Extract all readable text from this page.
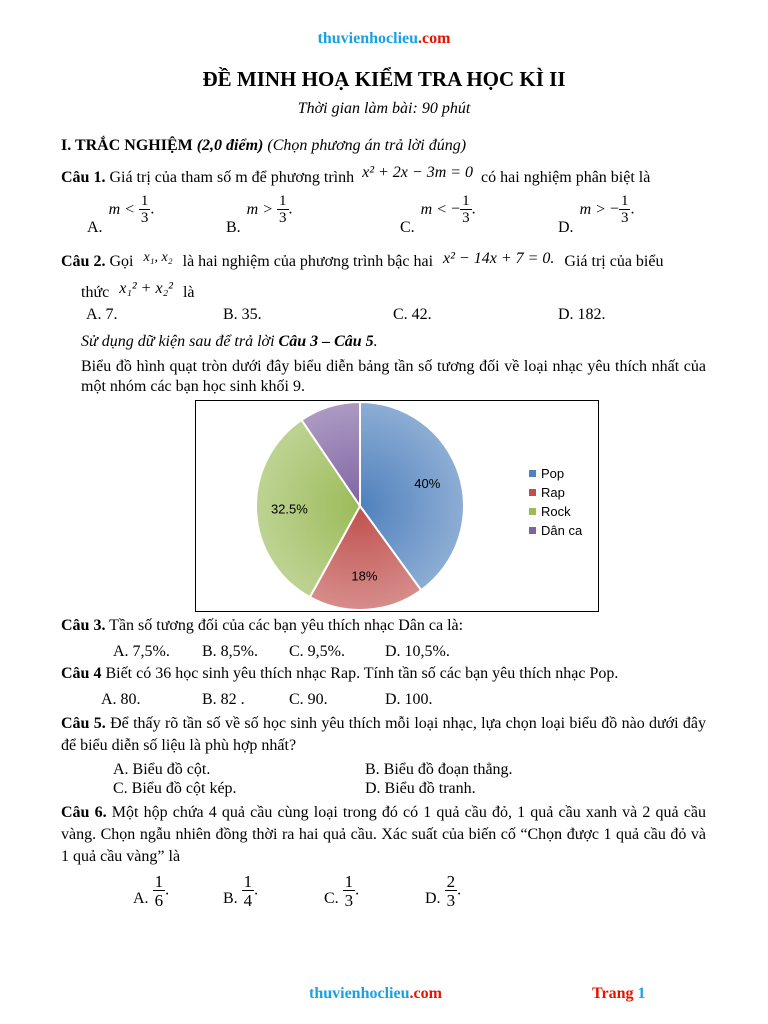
thuvienhoclieu.com
ĐỀ MINH HOẠ KIỂM TRA HỌC KÌ II
Thời gian làm bài: 90 phút
I. TRẮC NGHIỆM (2,0 điểm) (Chọn phương án trả lời đúng)
Câu 1. Giá trị của tham số m để phương trình x² + 2x − 3m = 0 có hai nghiệm phân biệt là
$A.m < \frac{1}{3}$ .
$B.m > \frac{1}{3}$ .
C.m < − $\frac{1}{3}$ .
D.m > − $\frac{1}{3}$ .
Câu 2. Gọi x₁, x₂ là hai nghiệm của phương trình bậc hai x² − 14x + 7 = 0. Giá trị của biểu
thức x₁² + x₂² là
A. 7.	B. 35.	C. 42.	D. 182.
Sử dụng dữ kiện sau để trả lời Câu 3 – Câu 5.
Biểu đồ hình quạt tròn dưới đây biểu diễn bảng tần số tương đối về loại nhạc yêu thích nhất của một nhóm các bạn học sinh khối 9.
40%
18%
32.5%
Pop
Rap
Rock
Dân ca
Câu 3. Tần số tương đối của các bạn yêu thích nhạc Dân ca là:
A. 7,5%. B. 8,5%. C. 9,5%.	D. 10,5%.
Câu 4 Biết có 36 học sinh yêu thích nhạc Rap. Tính tần số các bạn yêu thích nhạc Pop.
A. 80.	B. 82 .	C. 90.	D. 100.
Câu 5. Để thấy rõ tần số về số học sinh yêu thích mỗi loại nhạc, lựa chọn loại biểu đồ nào dưới đây để biểu diễn số liệu là phù hợp nhất?
A. Biểu đồ cột.	B. Biểu đồ đoạn thẳng.
C. Biểu đồ cột kép.	D. Biểu đồ tranh.
Câu 6. Một hộp chứa 4 quả cầu cùng loại trong đó có 1 quả cầu đỏ, 1 quả cầu xanh và 2 quả cầu vàng. Chọn ngẫu nhiên đồng thời ra hai quả cầu. Xác suất của biến cố “Chọn được 1 quả cầu đỏ và 1 quả cầu vàng” là
A. $\frac{1}{6}$ .	B. $\frac{1}{4}$ .	C. $\frac{1}{3}$ .	D. $\frac{2}{3}$ .
thuvienhoclieu.com	Trang 1
